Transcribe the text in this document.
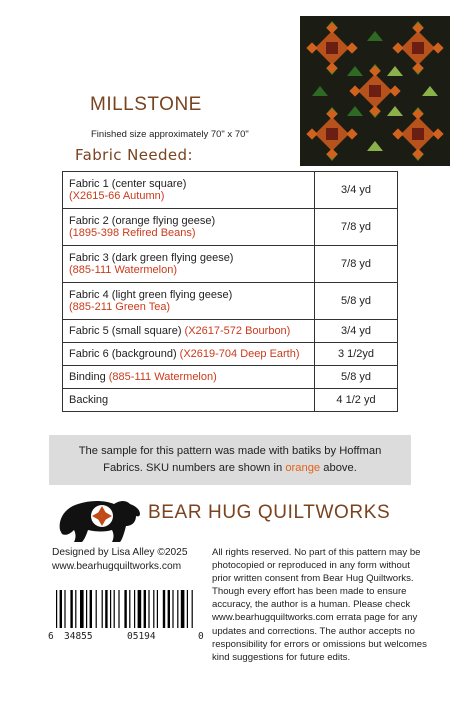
MILLSTONE
Finished size approximately 70" x 70"
Fabric Needed:
Fabric 1 (center square)
(X2615-66 Autumn)	3/4 yd
Fabric 2 (orange flying geese)
(1895-398 Refired Beans)	7/8 yd
Fabric 3 (dark green flying geese)
(885-111 Watermelon)	7/8 yd
Fabric 4 (light green flying geese)
(885-211 Green Tea)	5/8 yd
Fabric 5 (small square) (X2617-572 Bourbon)	3/4 yd
Fabric 6 (background) (X2619-704 Deep Earth)	3 1/2yd
Binding (885-111 Watermelon)	5/8 yd
Backing	4 1/2 yd
The sample for this pattern was made with batiks by Hoffman
Fabrics. SKU numbers are shown in orange above.
BEAR HUG QUILTWORKS
Designed by Lisa Alley ©2025
www.bearhugquiltworks.com
All rights reserved. No part of this pattern may be
photocopied or reproduced in any form without
prior written consent from Bear Hug Quiltworks.
Though every effort has been made to ensure
accuracy, the author is a human. Please check
www.bearhugquiltworks.com errata page for any
updates and corrections. The author accepts no
responsibility for errors or omissions but welcomes
kind suggestions for future edits.
6 34855	05194	0
